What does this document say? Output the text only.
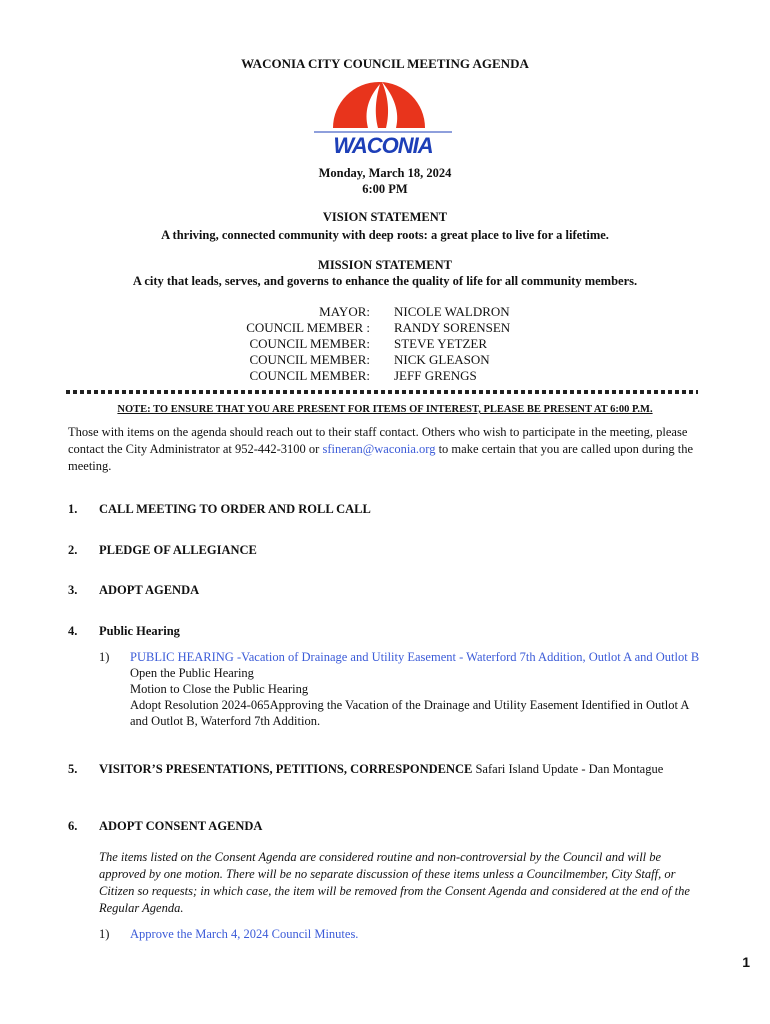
WACONIA CITY COUNCIL MEETING AGENDA
WACONIA
Monday, March 18, 2024
6:00 PM
VISION STATEMENT
A thriving, connected community with deep roots: a great place to live for a lifetime.
MISSION STATEMENT
A city that leads, serves, and governs to enhance the quality of life for all community members.
MAYOR:
COUNCIL MEMBER :
COUNCIL MEMBER:
COUNCIL MEMBER:
COUNCIL MEMBER:
NICOLE WALDRON
RANDY SORENSEN
STEVE YETZER
NICK GLEASON
JEFF GRENGS
NOTE: TO ENSURE THAT YOU ARE PRESENT FOR ITEMS OF INTEREST, PLEASE BE PRESENT AT 6:00 P.M.
Those with items on the agenda should reach out to their staff contact. Others who wish to participate in the meeting, please contact the City Administrator at 952-442-3100 or sfineran@waconia.org to make certain that you are called upon during the meeting.
1. CALL MEETING TO ORDER AND ROLL CALL
2. PLEDGE OF ALLEGIANCE
3. ADOPT AGENDA
4. Public Hearing
1) PUBLIC HEARING -Vacation of Drainage and Utility Easement - Waterford 7th Addition, Outlot A and Outlot B
Open the Public Hearing
Motion to Close the Public Hearing
Adopt Resolution 2024-065Approving the Vacation of the Drainage and Utility Easement Identified in Outlot A and Outlot B, Waterford 7th Addition.
5. VISITOR’S PRESENTATIONS, PETITIONS, CORRESPONDENCE Safari Island Update - Dan Montague
6. ADOPT CONSENT AGENDA
The items listed on the Consent Agenda are considered routine and non-controversial by the Council and will be approved by one motion. There will be no separate discussion of these items unless a Councilmember, City Staff, or Citizen so requests; in which case, the item will be removed from the Consent Agenda and considered at the end of the Regular Agenda.
1) Approve the March 4, 2024 Council Minutes.
1
